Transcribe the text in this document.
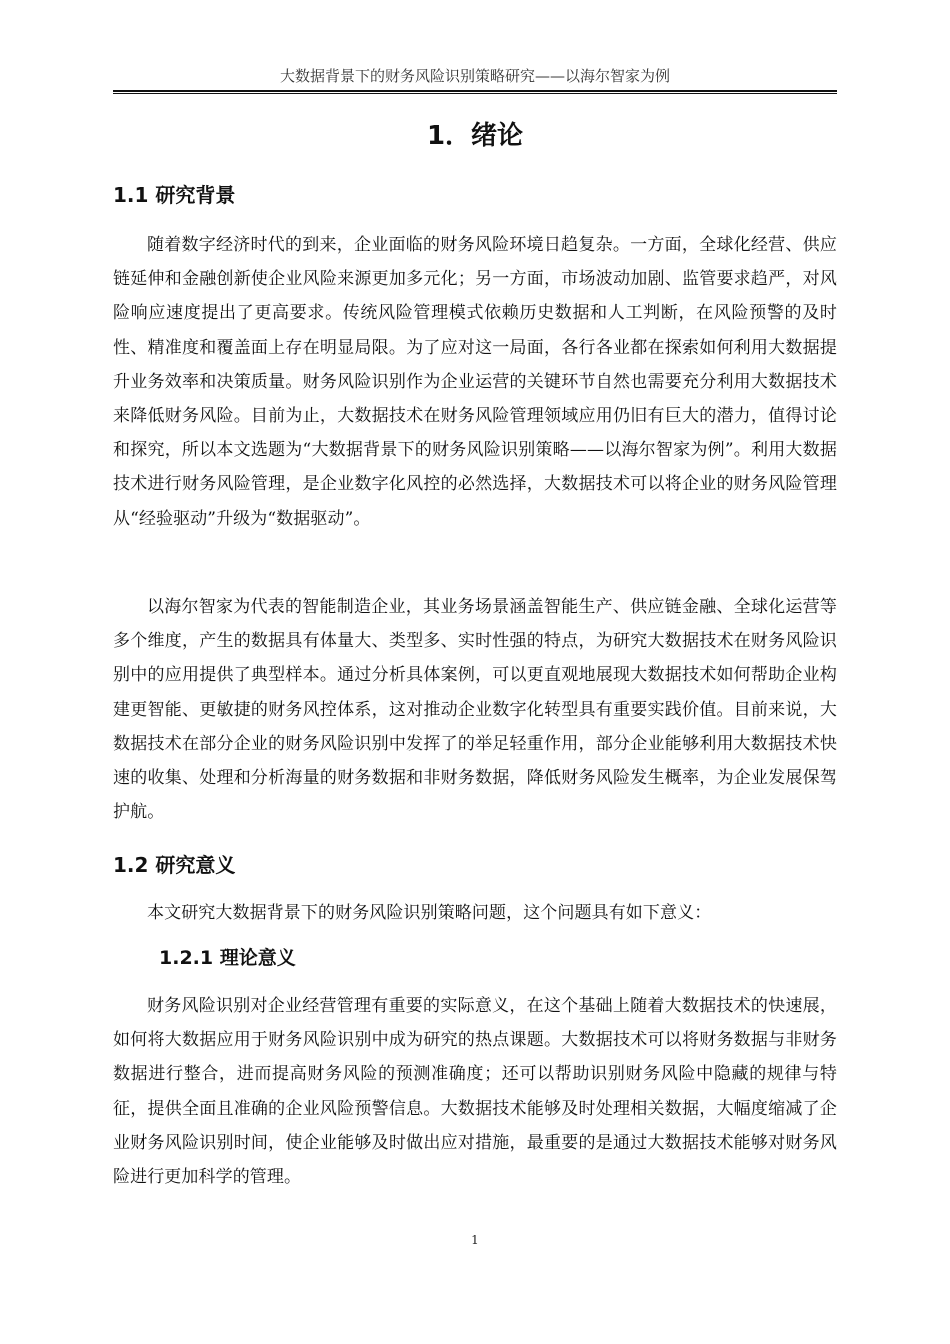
大数据背景下的财务风险识别策略研究——以海尔智家为例
1．绪论
1.1 研究背景

随着数字经济时代的到来，企业面临的财务风险环境日趋复杂。一方面，全球化经营、供应链延伸和金融创新使企业风险来源更加多元化；另一方面，市场波动加剧、监管要求趋严，对风险响应速度提出了更高要求。传统风险管理模式依赖历史数据和人工判断，在风险预警的及时性、精准度和覆盖面上存在明显局限。为了应对这一局面，各行各业都在探索如何利用大数据提升业务效率和决策质量。财务风险识别作为企业运营的关键环节自然也需要充分利用大数据技术来降低财务风险。目前为止，大数据技术在财务风险管理领域应用仍旧有巨大的潜力，值得讨论和探究，所以本文选题为“大数据背景下的财务风险识别策略——以海尔智家为例”。利用大数据技术进行财务风险管理，是企业数字化风控的必然选择，大数据技术可以将企业的财务风险管理从“经验驱动”升级为“数据驱动”。

以海尔智家为代表的智能制造企业，其业务场景涵盖智能生产、供应链金融、全球化运营等多个维度，产生的数据具有体量大、类型多、实时性强的特点，为研究大数据技术在财务风险识别中的应用提供了典型样本。通过分析具体案例，可以更直观地展现大数据技术如何帮助企业构建更智能、更敏捷的财务风控体系，这对推动企业数字化转型具有重要实践价值。目前来说，大数据技术在部分企业的财务风险识别中发挥了的举足轻重作用，部分企业能够利用大数据技术快速的收集、处理和分析海量的财务数据和非财务数据，降低财务风险发生概率，为企业发展保驾护航。

1.2 研究意义

本文研究大数据背景下的财务风险识别策略问题，这个问题具有如下意义：

1.2.1 理论意义

财务风险识别对企业经营管理有重要的实际意义，在这个基础上随着大数据技术的快速展，如何将大数据应用于财务风险识别中成为研究的热点课题。大数据技术可以将财务数据与非财务数据进行整合，进而提高财务风险的预测准确度；还可以帮助识别财务风险中隐藏的规律与特征，提供全面且准确的企业风险预警信息。大数据技术能够及时处理相关数据，大幅度缩减了企业财务风险识别时间，使企业能够及时做出应对措施，最重要的是通过大数据技术能够对财务风险进行更加科学的管理。

1
